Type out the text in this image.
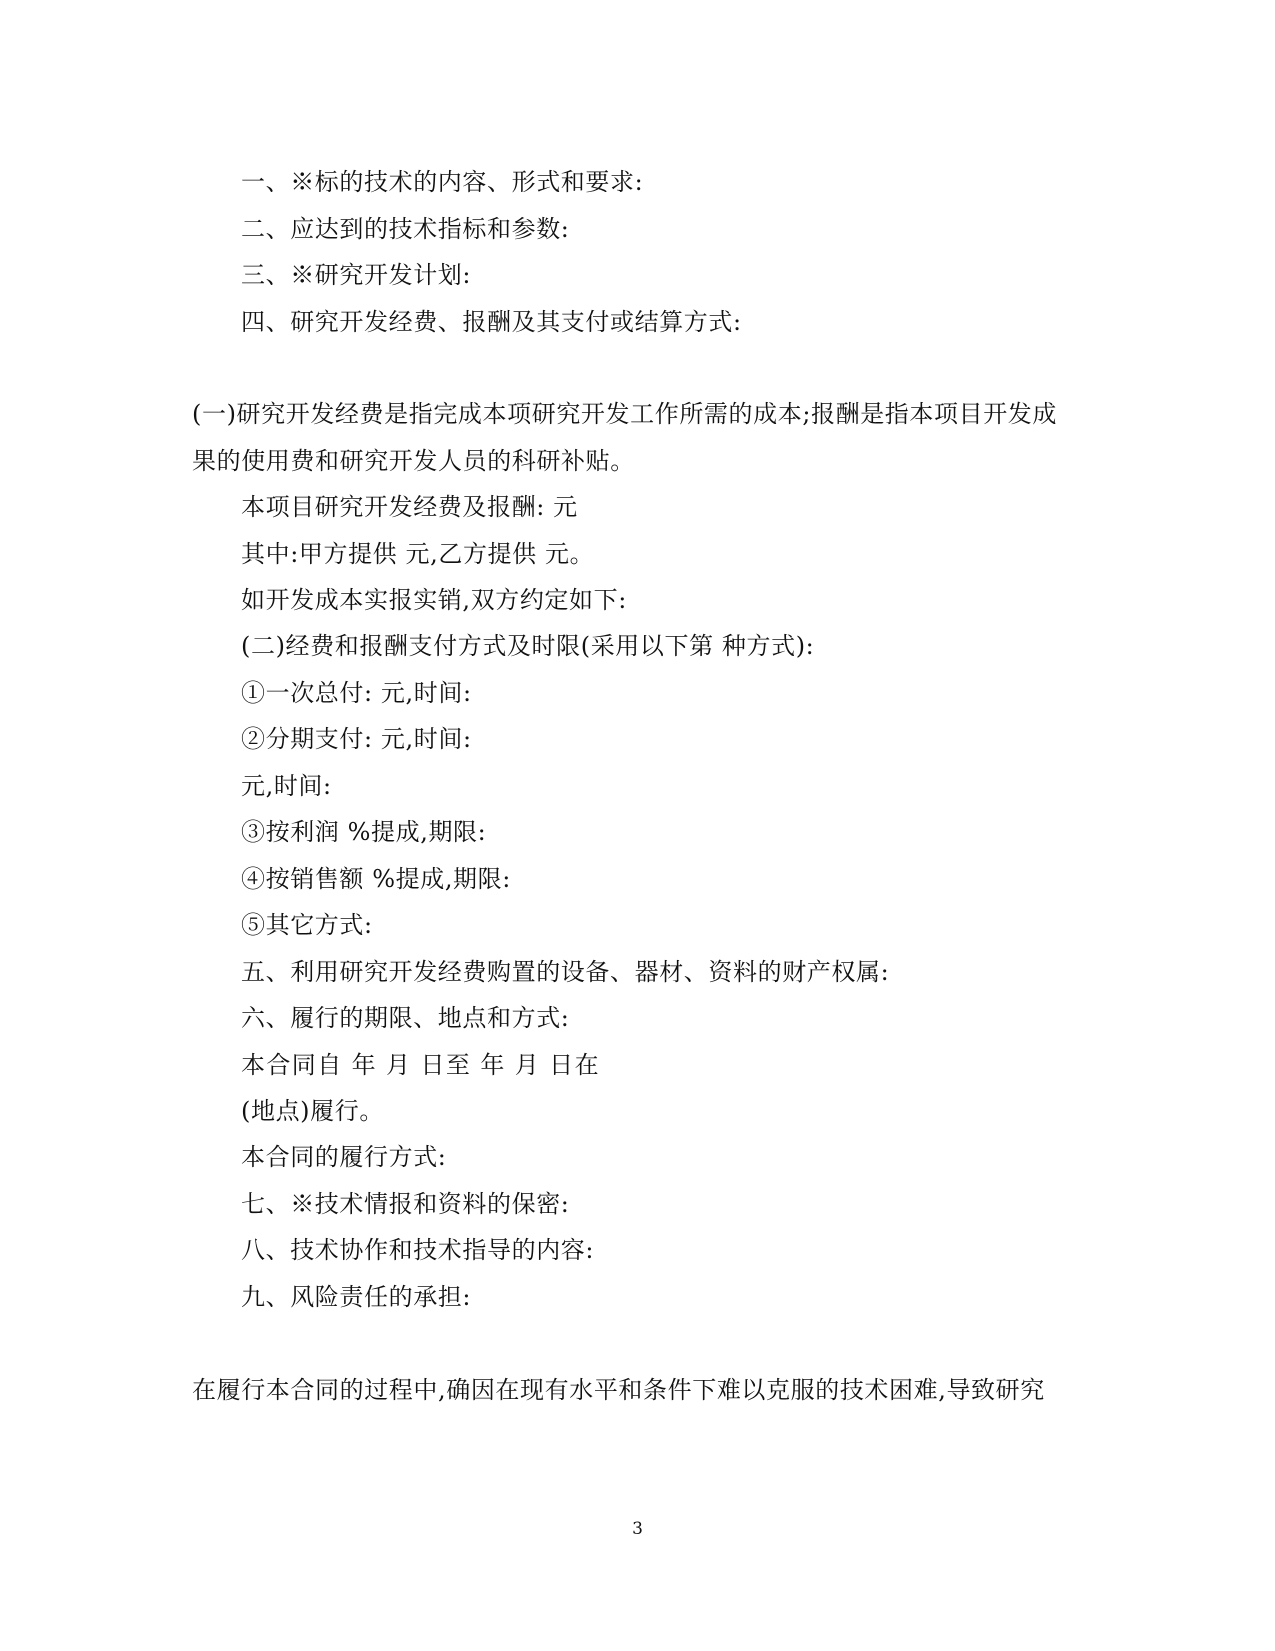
一、※标的技术的内容、形式和要求:
二、应达到的技术指标和参数:
三、※研究开发计划:
四、研究开发经费、报酬及其支付或结算方式:
(一)研究开发经费是指完成本项研究开发工作所需的成本;报酬是指本项目开发成
果的使用费和研究开发人员的科研补贴。
本项目研究开发经费及报酬: 元
其中:甲方提供 元,乙方提供 元。
如开发成本实报实销,双方约定如下:
(二)经费和报酬支付方式及时限(采用以下第 种方式):
①一次总付: 元,时间:
②分期支付: 元,时间:
元,时间:
③按利润 %提成,期限:
④按销售额 %提成,期限:
⑤其它方式:
五、利用研究开发经费购置的设备、器材、资料的财产权属:
六、履行的期限、地点和方式:
本合同自 年 月 日至 年 月 日在
(地点)履行。
本合同的履行方式:
七、※技术情报和资料的保密:
八、技术协作和技术指导的内容:
九、风险责任的承担:
在履行本合同的过程中,确因在现有水平和条件下难以克服的技术困难,导致研究
3
